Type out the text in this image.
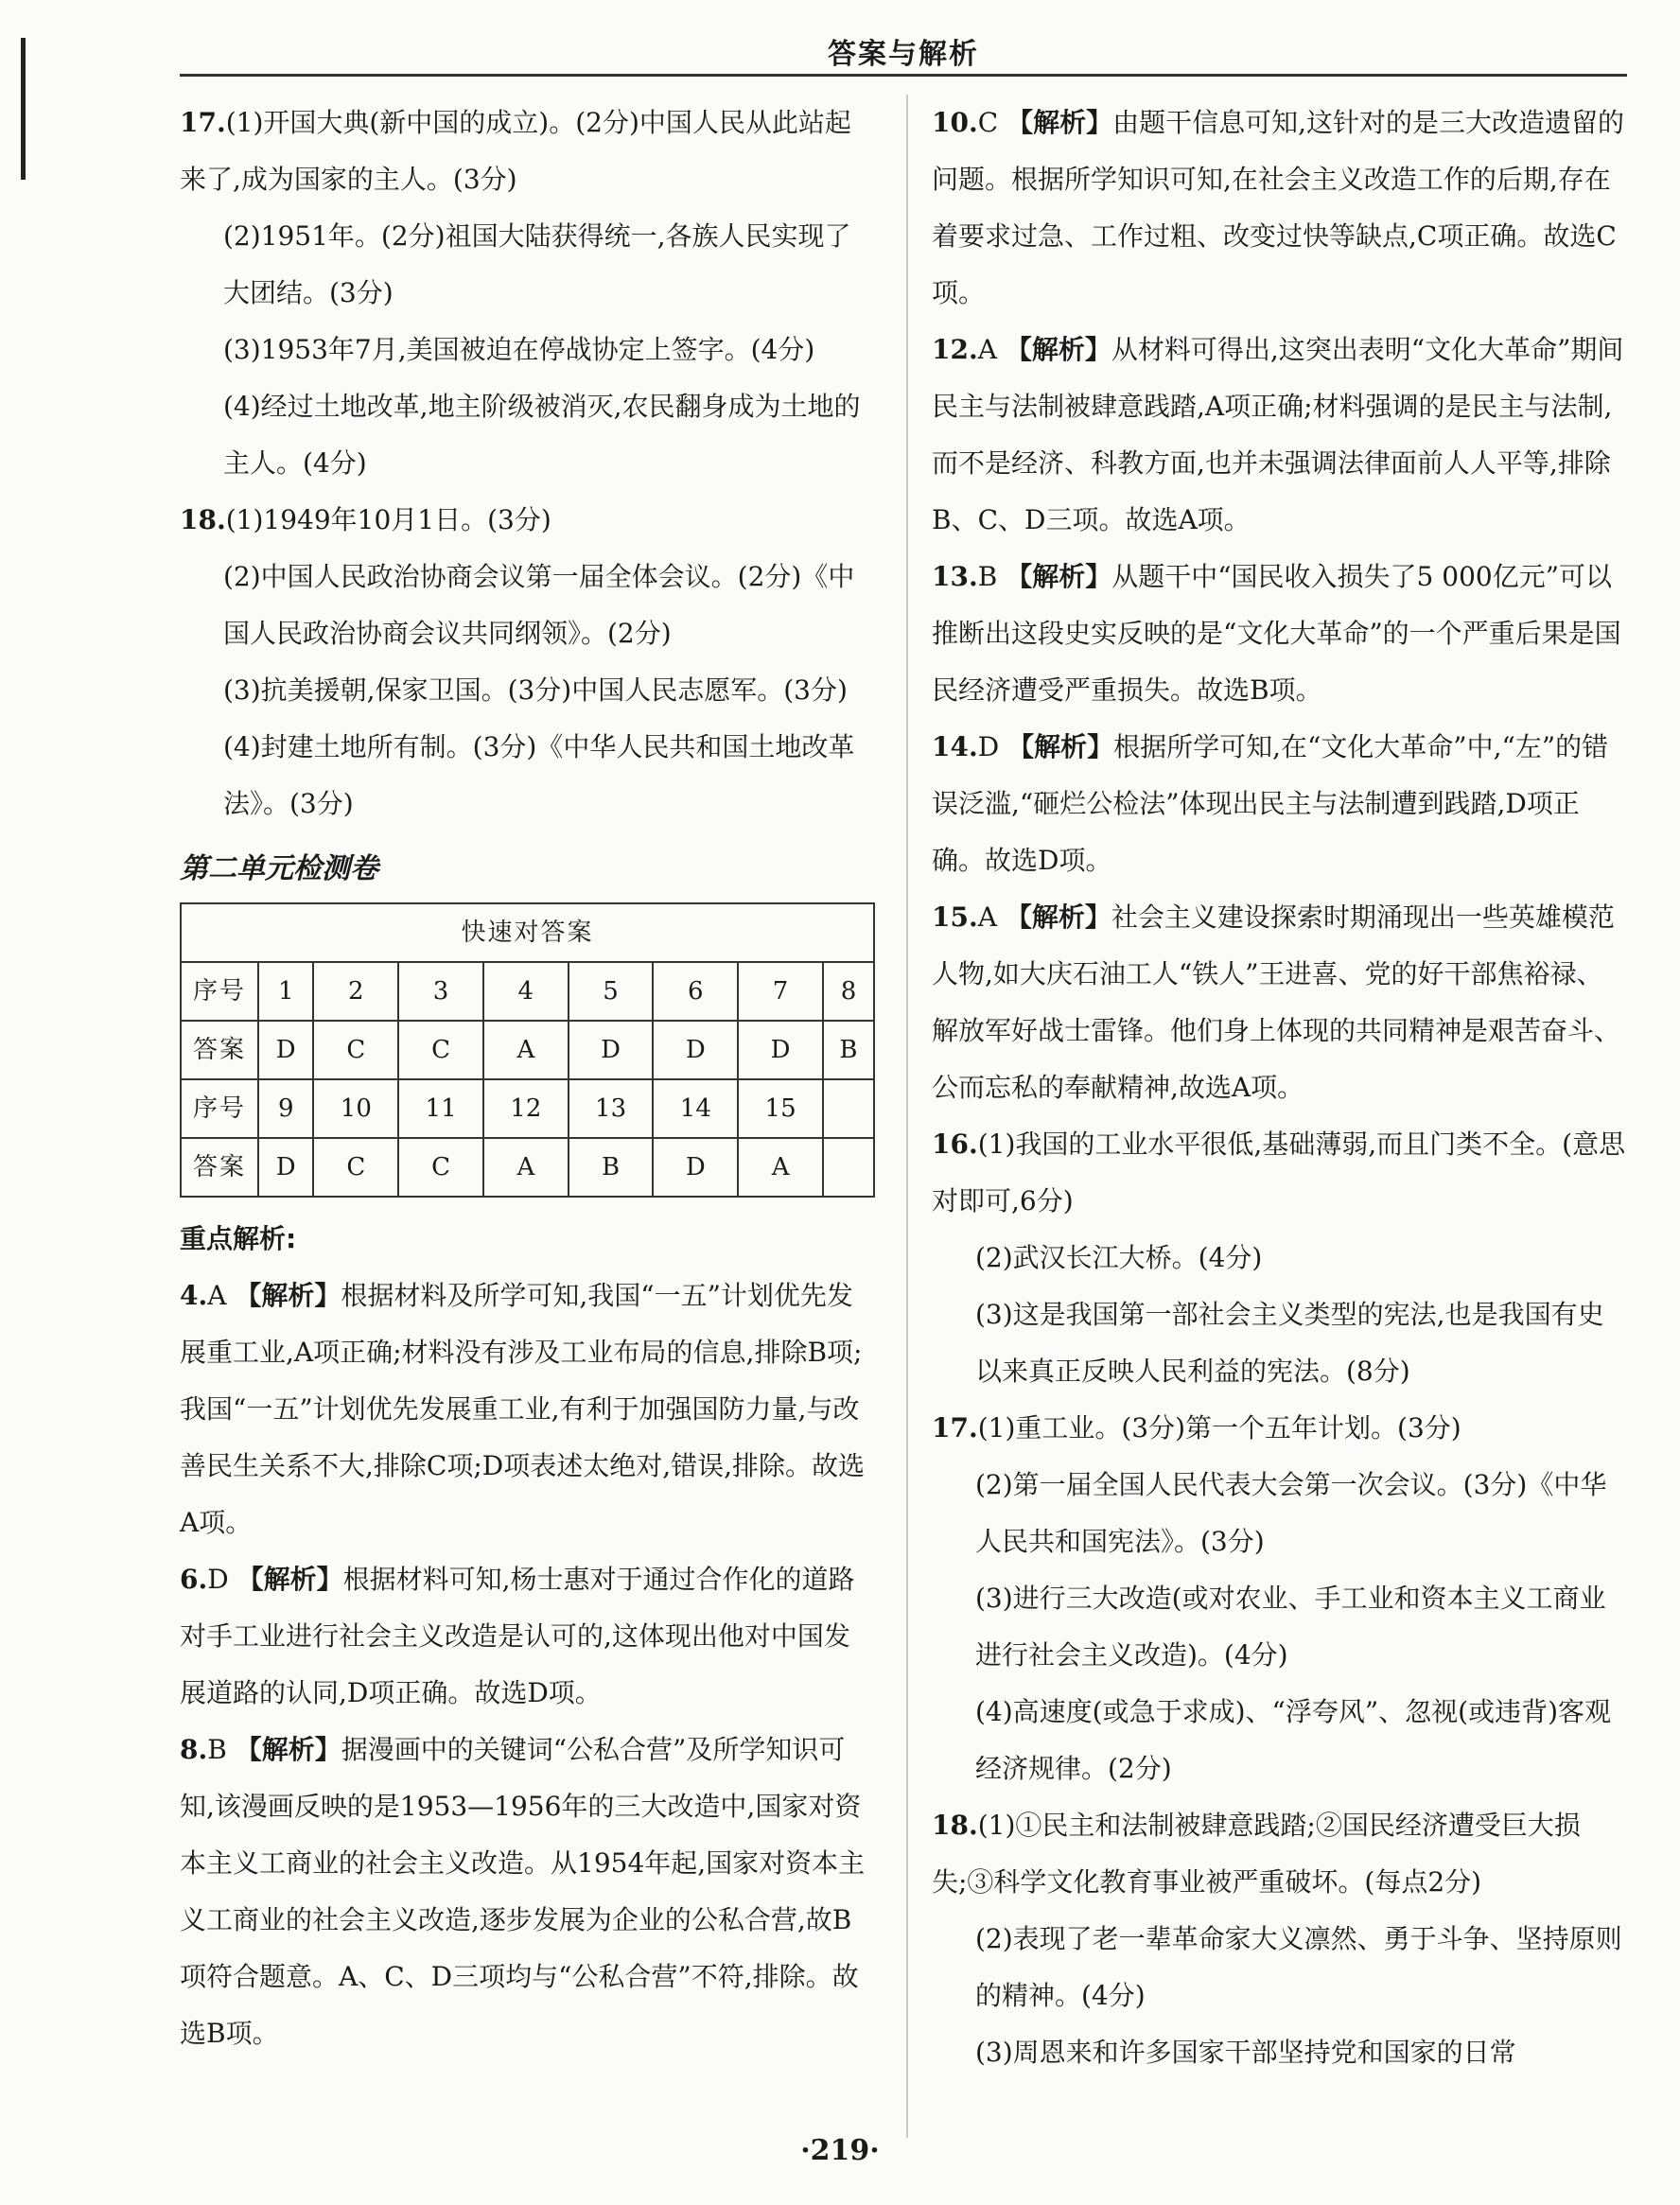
答案与解析
17.(1)开国大典(新中国的成立)。(2分)中国人民从此站起来了,成为国家的主人。(3分)

(2)1951年。(2分)祖国大陆获得统一,各族人民实现了大团结。(3分)

(3)1953年7月,美国被迫在停战协定上签字。(4分)

(4)经过土地改革,地主阶级被消灭,农民翻身成为土地的主人。(4分)

18.(1)1949年10月1日。(3分)

(2)中国人民政治协商会议第一届全体会议。(2分)《中国人民政治协商会议共同纲领》。(2分)

(3)抗美援朝,保家卫国。(3分)中国人民志愿军。(3分)

(4)封建土地所有制。(3分)《中华人民共和国土地改革法》。(3分)

第二单元检测卷
快速对答案								
序号	1	2	3	4	5	6	7	8
答案	D	C	C	A	D	D	D	B
序号	9	10	11	12	13	14	15	
答案	D	C	C	A	B	D	A	
重点解析:
4.A 【解析】根据材料及所学可知,我国“一五”计划优先发展重工业,A项正确;材料没有涉及工业布局的信息,排除B项;我国“一五”计划优先发展重工业,有利于加强国防力量,与改善民生关系不大,排除C项;D项表述太绝对,错误,排除。故选A项。
6.D 【解析】根据材料可知,杨士惠对于通过合作化的道路对手工业进行社会主义改造是认可的,这体现出他对中国发展道路的认同,D项正确。故选D项。
8.B 【解析】据漫画中的关键词“公私合营”及所学知识可知,该漫画反映的是1953—1956年的三大改造中,国家对资本主义工商业的社会主义改造。从1954年起,国家对资本主义工商业的社会主义改造,逐步发展为企业的公私合营,故B项符合题意。A、C、D三项均与“公私合营”不符,排除。故选B项。
10.C 【解析】由题干信息可知,这针对的是三大改造遗留的问题。根据所学知识可知,在社会主义改造工作的后期,存在着要求过急、工作过粗、改变过快等缺点,C项正确。故选C项。
12.A 【解析】从材料可得出,这突出表明“文化大革命”期间民主与法制被肆意践踏,A项正确;材料强调的是民主与法制,而不是经济、科教方面,也并未强调法律面前人人平等,排除B、C、D三项。故选A项。
13.B 【解析】从题干中“国民收入损失了5 000亿元”可以推断出这段史实反映的是“文化大革命”的一个严重后果是国民经济遭受严重损失。故选B项。
14.D 【解析】根据所学可知,在“文化大革命”中,“左”的错误泛滥,“砸烂公检法”体现出民主与法制遭到践踏,D项正确。故选D项。
15.A 【解析】社会主义建设探索时期涌现出一些英雄模范人物,如大庆石油工人“铁人”王进喜、党的好干部焦裕禄、解放军好战士雷锋。他们身上体现的共同精神是艰苦奋斗、公而忘私的奉献精神,故选A项。
16.(1)我国的工业水平很低,基础薄弱,而且门类不全。(意思对即可,6分)

(2)武汉长江大桥。(4分)

(3)这是我国第一部社会主义类型的宪法,也是我国有史以来真正反映人民利益的宪法。(8分)

17.(1)重工业。(3分)第一个五年计划。(3分)

(2)第一届全国人民代表大会第一次会议。(3分)《中华人民共和国宪法》。(3分)

(3)进行三大改造(或对农业、手工业和资本主义工商业进行社会主义改造)。(4分)

(4)高速度(或急于求成)、“浮夸风”、忽视(或违背)客观经济规律。(2分)

18.(1)①民主和法制被肆意践踏;②国民经济遭受巨大损失;③科学文化教育事业被严重破坏。(每点2分)

(2)表现了老一辈革命家大义凛然、勇于斗争、坚持原则的精神。(4分)

(3)周恩来和许多国家干部坚持党和国家的日常

·219·
